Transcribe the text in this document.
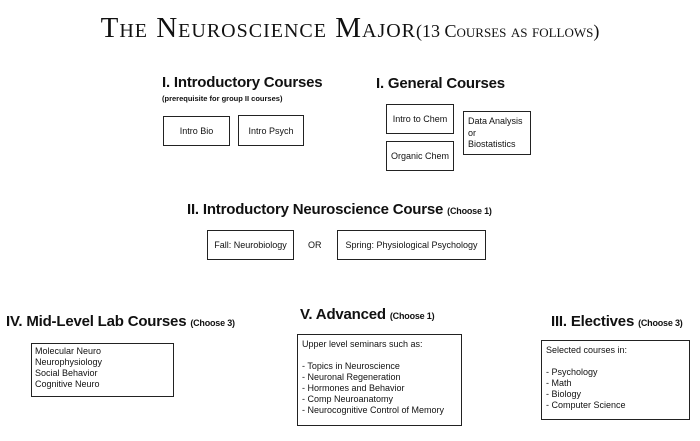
The Neuroscience Major(13 Courses as follows)
I. Introductory Courses
(prerequisite for group II courses)
Intro Bio	Intro Psych
I. General Courses
Intro to Chem
Organic Chem
Data Analysis
or
Biostatistics
II. Introductory Neuroscience Course (Choose 1)
Fall: Neurobiology OR	Spring: Physiological Psychology
IV. Mid-Level Lab Courses (Choose 3)
Molecular Neuro
Neurophysiology
Social Behavior
Cognitive Neuro
V. Advanced (Choose 1)
Upper level seminars such as:

- Topics in Neuroscience
- Neuronal Regeneration
- Hormones and Behavior
- Comp Neuroanatomy
- Neurocognitive Control of Memory
III. Electives (Choose 3)
Selected courses in:

- Psychology
- Math
- Biology
- Computer Science
